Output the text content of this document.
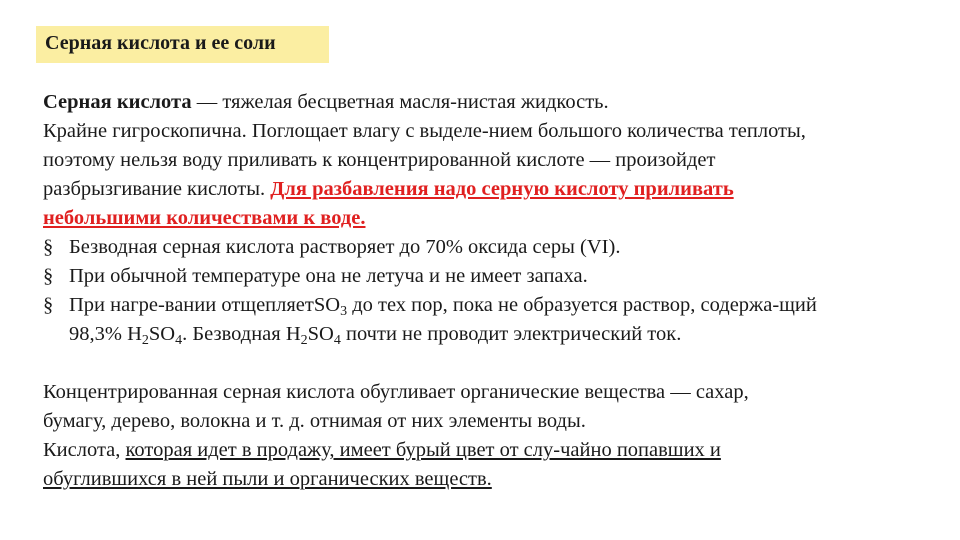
Серная кислота и ее соли
Серная кислота — тяжелая бесцветная масля-нистая жидкость.
Крайне гигроскопична. Поглощает влагу с выделе-нием большого количества теплоты,
поэтому нельзя воду приливать к концентрированной кислоте — произойдет
разбрызгивание кислоты. Для разбавления надо серную кислоту приливать
небольшими количествами к воде.
§ Безводная серная кислота растворяет до 70% оксида серы (VI).
§ При обычной температуре она не летуча и не имеет запаха.
§ При нагре-вании отщепляетSO$_3$ до тех пор, пока не образуется раствор, содержа-щий
98,3% $H_2SO_4$. Безводная $H_2SO_4$ почти не проводит электрический ток.
Концентрированная серная кислота обугливает органические вещества — сахар,
бумагу, дерево, волокна и т. д. отнимая от них элементы воды.
Кислота, которая идет в продажу, имеет бурый цвет от слу-чайно попавших и
обуглившихся в ней пыли и органических веществ.
